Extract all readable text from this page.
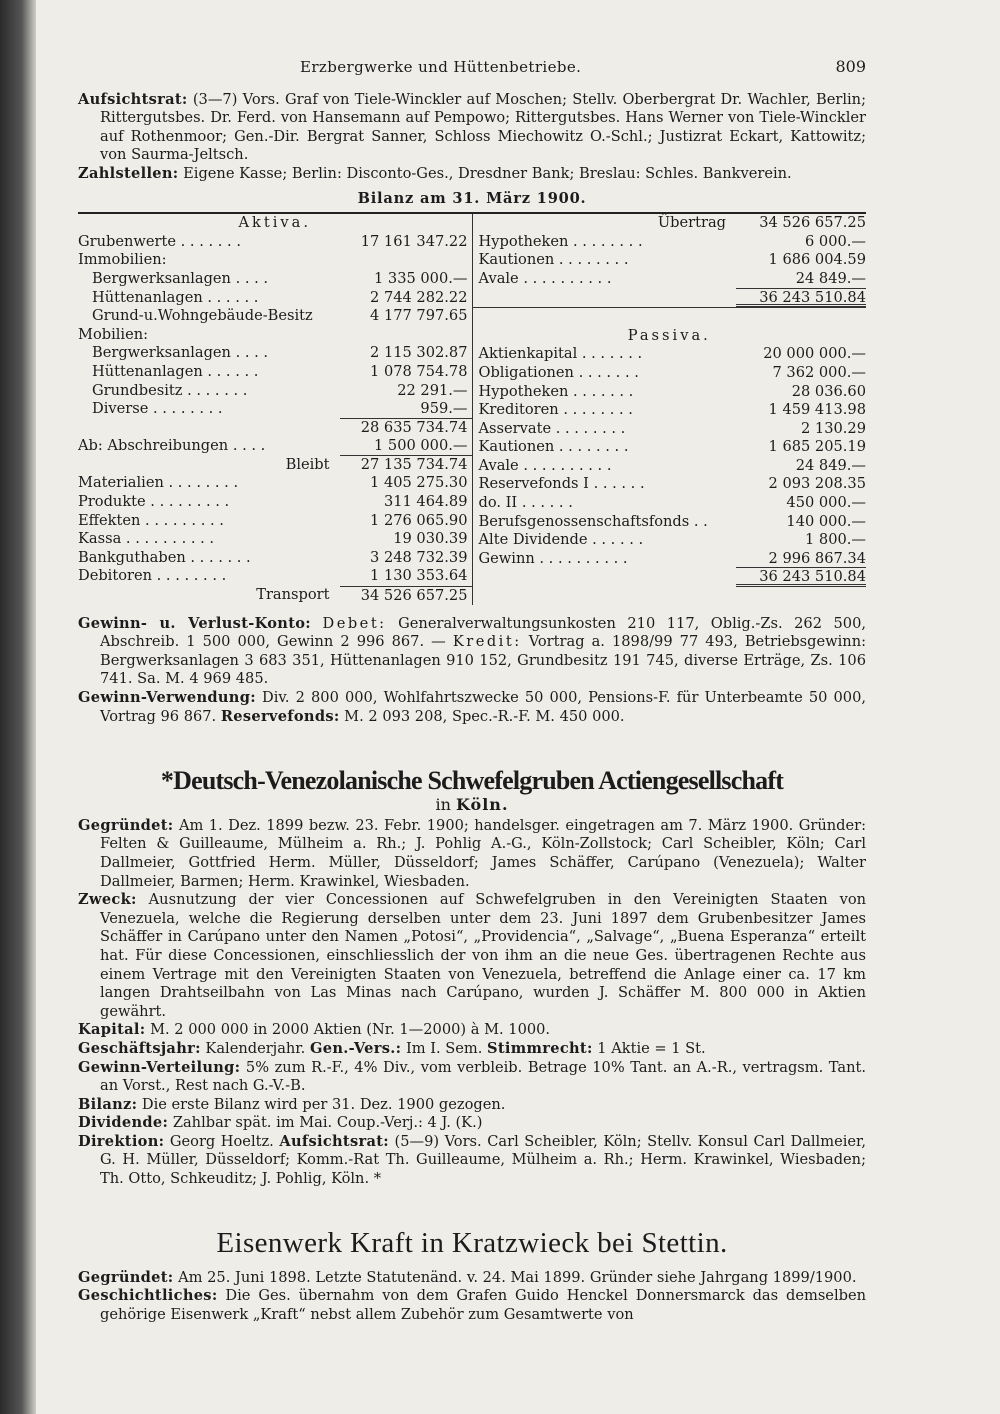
Erzbergwerke und Hüttenbetriebe.	809

Aufsichtsrat: (3—7) Vors. Graf von Tiele-Winckler auf Moschen; Stellv. Oberbergrat Dr. Wachler, Berlin; Rittergutsbes. Dr. Ferd. von Hansemann auf Pempowo; Rittergutsbes. Hans Werner von Tiele-Winckler auf Rothenmoor; Gen.-Dir. Bergrat Sanner, Schloss Miechowitz O.-Schl.; Justizrat Eckart, Kattowitz; von Saurma-Jeltsch.

Zahlstellen: Eigene Kasse; Berlin: Disconto-Ges., Dresdner Bank; Breslau: Schles. Bankverein.

Bilanz am 31. März 1900.
Aktiva.
Grubenwerte . . . . . . .	17 161 347.22
Immobilien:
Bergwerksanlagen . . . .	1 335 000.—
Hüttenanlagen . . . . . .	2 744 282.22
Grund-u.Wohngebäude-Besitz	4 177 797.65
Mobilien:
Bergwerksanlagen . . . .	2 115 302.87
Hüttenanlagen . . . . . .	1 078 754.78
Grundbesitz . . . . . . .	22 291.—
Diverse . . . . . . . .	959.—
28 635 734.74
Ab: Abschreibungen . . . .	1 500 000.—
Bleibt	27 135 734.74
Materialien . . . . . . . .	1 405 275.30
Produkte . . . . . . . . .	311 464.89
Effekten . . . . . . . . .	1 276 065.90
Kassa . . . . . . . . . .	19 030.39
Bankguthaben . . . . . . .	3 248 732.39
Debitoren . . . . . . . .	1 130 353.64
Transport	34 526 657.25
Übertrag	34 526 657.25
Hypotheken . . . . . . . .	6 000.—
Kautionen . . . . . . . .	1 686 004.59
Avale . . . . . . . . . .	24 849.—
36 243 510.84
Passiva.
Aktienkapital . . . . . . .	20 000 000.—
Obligationen . . . . . . .	7 362 000.—
Hypotheken . . . . . . .	28 036.60
Kreditoren . . . . . . . .	1 459 413.98
Asservate . . . . . . . .	2 130.29
Kautionen . . . . . . . .	1 685 205.19
Avale . . . . . . . . . .	24 849.—
Reservefonds I . . . . . .	2 093 208.35
do. II . . . . . .	450 000.—
Berufsgenossenschaftsfonds . .	140 000.—
Alte Dividende . . . . . .	1 800.—
Gewinn . . . . . . . . . .	2 996 867.34
36 243 510.84

Gewinn- u. Verlust-Konto: Debet: Generalverwaltungsunkosten 210 117, Oblig.-Zs. 262 500, Abschreib. 1 500 000, Gewinn 2 996 867. — Kredit: Vortrag a. 1898/99 77 493, Betriebsgewinn: Bergwerksanlagen 3 683 351, Hüttenanlagen 910 152, Grundbesitz 191 745, diverse Erträge, Zs. 106 741. Sa. M. 4 969 485.

Gewinn-Verwendung: Div. 2 800 000, Wohlfahrtszwecke 50 000, Pensions-F. für Unterbeamte 50 000, Vortrag 96 867. Reservefonds: M. 2 093 208, Spec.-R.-F. M. 450 000.

*Deutsch-Venezolanische Schwefelgruben Actiengesellschaft
in Köln.

Gegründet: Am 1. Dez. 1899 bezw. 23. Febr. 1900; handelsger. eingetragen am 7. März 1900. Gründer: Felten & Guilleaume, Mülheim a. Rh.; J. Pohlig A.-G., Köln-Zollstock; Carl Scheibler, Köln; Carl Dallmeier, Gottfried Herm. Müller, Düsseldorf; James Schäffer, Carúpano (Venezuela); Walter Dallmeier, Barmen; Herm. Krawinkel, Wiesbaden.

Zweck: Ausnutzung der vier Concessionen auf Schwefelgruben in den Vereinigten Staaten von Venezuela, welche die Regierung derselben unter dem 23. Juni 1897 dem Grubenbesitzer James Schäffer in Carúpano unter den Namen „Potosi“, „Providencia“, „Salvage“, „Buena Esperanza“ erteilt hat. Für diese Concessionen, einschliesslich der von ihm an die neue Ges. übertragenen Rechte aus einem Vertrage mit den Vereinigten Staaten von Venezuela, betreffend die Anlage einer ca. 17 km langen Drahtseilbahn von Las Minas nach Carúpano, wurden J. Schäffer M. 800 000 in Aktien gewährt.

Kapital: M. 2 000 000 in 2000 Aktien (Nr. 1—2000) à M. 1000.

Geschäftsjahr: Kalenderjahr. Gen.-Vers.: Im I. Sem. Stimmrecht: 1 Aktie = 1 St.

Gewinn-Verteilung: 5% zum R.-F., 4% Div., vom verbleib. Betrage 10% Tant. an A.-R., vertragsm. Tant. an Vorst., Rest nach G.-V.-B.

Bilanz: Die erste Bilanz wird per 31. Dez. 1900 gezogen.

Dividende: Zahlbar spät. im Mai. Coup.-Verj.: 4 J. (K.)

Direktion: Georg Hoeltz. Aufsichtsrat: (5—9) Vors. Carl Scheibler, Köln; Stellv. Konsul Carl Dallmeier, G. H. Müller, Düsseldorf; Komm.-Rat Th. Guilleaume, Mülheim a. Rh.; Herm. Krawinkel, Wiesbaden; Th. Otto, Schkeuditz; J. Pohlig, Köln. *

Eisenwerk Kraft in Kratzwieck bei Stettin.

Gegründet: Am 25. Juni 1898. Letzte Statutenänd. v. 24. Mai 1899. Gründer siehe Jahrgang 1899/1900.

Geschichtliches: Die Ges. übernahm von dem Grafen Guido Henckel Donnersmarck das demselben gehörige Eisenwerk „Kraft“ nebst allem Zubehör zum Gesamtwerte von
